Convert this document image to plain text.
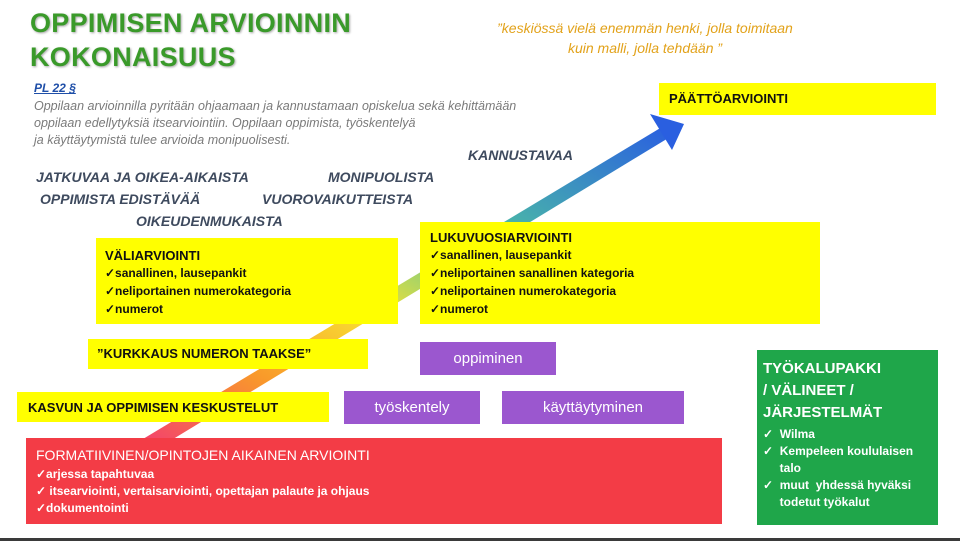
OPPIMISEN ARVIOINNIN
KOKONAISUUS
”keskiössä vielä enemmän henki, jolla toimitaan
kuin malli, jolla tehdään ”
PL 22 §
Oppilaan arvioinnilla pyritään ohjaamaan ja kannustamaan opiskelua sekä kehittämään
oppilaan edellytyksiä itsearviointiin. Oppilaan oppimista, työskentelyä
ja käyttäytymistä tulee arvioida monipuolisesti.
KANNUSTAVAA
JATKUVAA JA OIKEA-AIKAISTA	MONIPUOLISTA
OPPIMISTA EDISTÄVÄÄ	VUOROVAIKUTTEISTA
OIKEUDENMUKAISTA
PÄÄTTÖARVIOINTI
VÄLIARVIOINTI
✓sanallinen, lausepankit
✓neliportainen numerokategoria
✓numerot
LUKUVUOSIARVIOINTI
✓sanallinen, lausepankit
✓neliportainen sanallinen kategoria
✓neliportainen numerokategoria
✓numerot
”KURKKAUS NUMERON TAAKSE”
KASVUN JA OPPIMISEN KESKUSTELUT
oppiminen
työskentely	käyttäytyminen
FORMATIIVINEN/OPINTOJEN AIKAINEN ARVIOINTI
✓arjessa tapahtuvaa
✓ itsearviointi, vertaisarviointi, opettajan palaute ja ohjaus
✓dokumentointi
TYÖKALUPAKKI
/ VÄLINEET /
JÄRJESTELMÄT
✓  Wilma
✓  Kempeleen koululaisen
talo
✓  muut  yhdessä hyväksi
todetut työkalut
